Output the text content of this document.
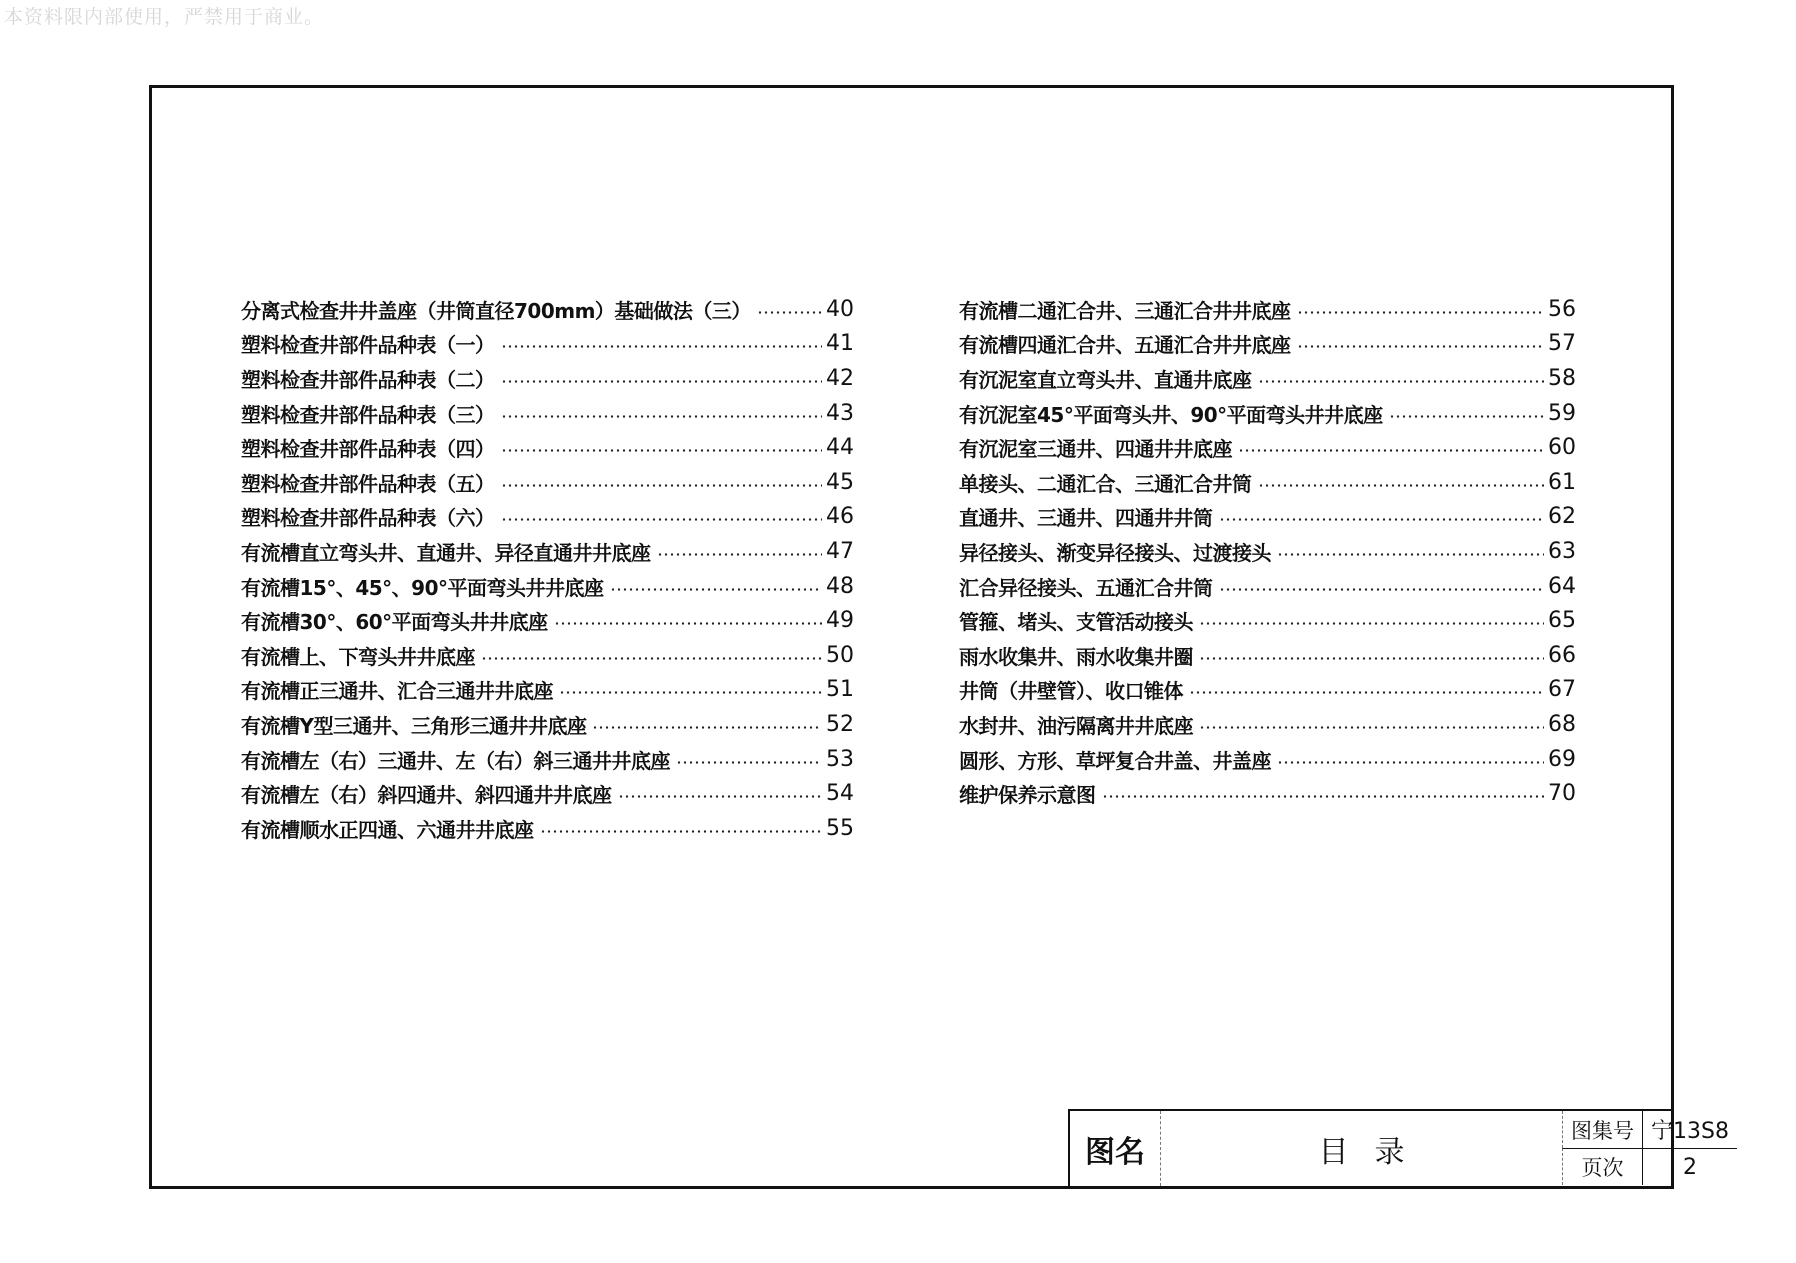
本资料限内部使用，严禁用于商业。
分离式检查井井盖座（井筒直径700mm）基础做法（三）	40
塑料检查井部件品种表（一）	41
塑料检查井部件品种表（二）	42
塑料检查井部件品种表（三）	43
塑料检查井部件品种表（四）	44
塑料检查井部件品种表（五）	45
塑料检查井部件品种表（六）	46
有流槽直立弯头井、直通井、异径直通井井底座	47
有流槽15°、45°、90°平面弯头井井底座	48
有流槽30°、60°平面弯头井井底座	49
有流槽上、下弯头井井底座	50
有流槽正三通井、汇合三通井井底座	51
有流槽Y型三通井、三角形三通井井底座	52
有流槽左（右）三通井、左（右）斜三通井井底座	53
有流槽左（右）斜四通井、斜四通井井底座	54
有流槽顺水正四通、六通井井底座	55
有流槽二通汇合井、三通汇合井井底座	56
有流槽四通汇合井、五通汇合井井底座	57
有沉泥室直立弯头井、直通井底座	58
有沉泥室45°平面弯头井、90°平面弯头井井底座	59
有沉泥室三通井、四通井井底座	60
单接头、二通汇合、三通汇合井筒	61
直通井、三通井、四通井井筒	62
异径接头、渐变异径接头、过渡接头	63
汇合异径接头、五通汇合井筒	64
管箍、堵头、支管活动接头	65
雨水收集井、雨水收集井圈	66
井筒（井壁管）、收口锥体	67
水封井、油污隔离井井底座	68
圆形、方形、草坪复合井盖、井盖座	69
维护保养示意图	70
图名	目录
图集号 宁13S8
页次	2
